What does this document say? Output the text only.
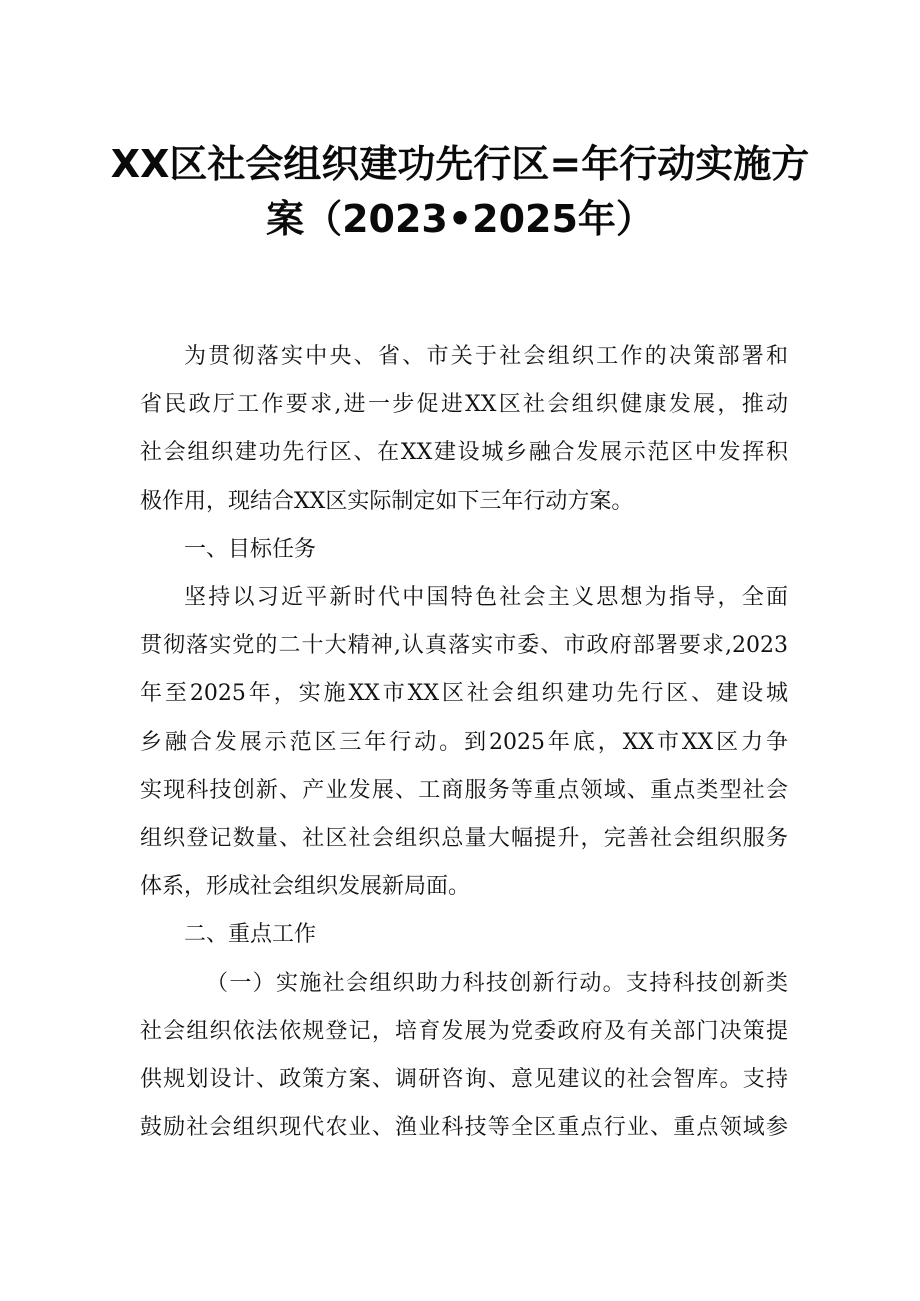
XX区社会组织建功先行区=年行动实施方
案（2023•2025年）
为贯彻落实中央、省、市关于社会组织工作的决策部署和
省民政厅工作要求,进一步促进XX区社会组织健康发展，推动
社会组织建功先行区、在XX建设城乡融合发展示范区中发挥积
极作用，现结合XX区实际制定如下三年行动方案。
一、目标任务
坚持以习近平新时代中国特色社会主义思想为指导，全面
贯彻落实党的二十大精神,认真落实市委、市政府部署要求,2023
年至2025年，实施XX市XX区社会组织建功先行区、建设城
乡融合发展示范区三年行动。到2025年底，XX市XX区力争
实现科技创新、产业发展、工商服务等重点领域、重点类型社会
组织登记数量、社区社会组织总量大幅提升，完善社会组织服务
体系，形成社会组织发展新局面。
二、重点工作
（一）实施社会组织助力科技创新行动。支持科技创新类
社会组织依法依规登记，培育发展为党委政府及有关部门决策提
供规划设计、政策方案、调研咨询、意见建议的社会智库。支持
鼓励社会组织现代农业、渔业科技等全区重点行业、重点领域参
